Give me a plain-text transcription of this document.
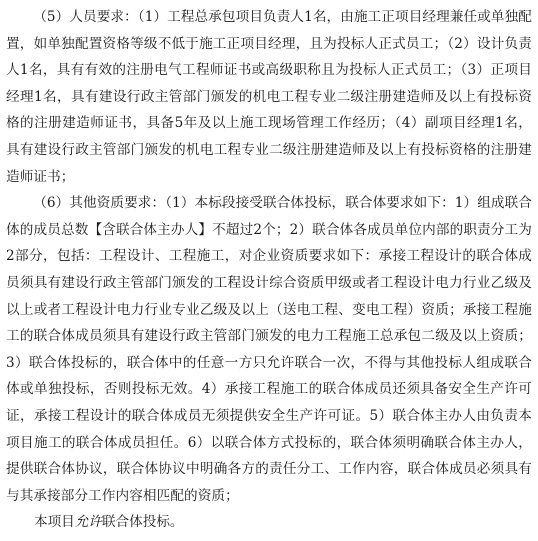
（5）人员要求：（1）工程总承包项目负责人1名，由施工正项目经理兼任或单独配置，如单独配置资格等级不低于施工正项目经理，且为投标人正式员工；（2）设计负责人1名，具有有效的注册电气工程师证书或高级职称且为投标人正式员工；（3）正项目经理1名，具有建设行政主管部门颁发的机电工程专业二级注册建造师及以上有投标资格的注册建造师证书，具备5年及以上施工现场管理工作经历；（4）副项目经理1名，具有建设行政主管部门颁发的机电工程专业二级注册建造师及以上有投标资格的注册建造师证书；

（6）其他资质要求：（1）本标段接受联合体投标，联合体要求如下：1）组成联合体的成员总数【含联合体主办人】不超过2个；2）联合体各成员单位内部的职责分工为2部分，包括：工程设计、工程施工，对企业资质要求如下：承接工程设计的联合体成员须具有建设行政主管部门颁发的工程设计综合资质甲级或者工程设计电力行业乙级及以上或者工程设计电力行业专业乙级及以上（送电工程、变电工程）资质；承接工程施工的联合体成员须具有建设行政主管部门颁发的电力工程施工总承包二级及以上资质；3）联合体投标的，联合体中的任意一方只允许联合一次，不得与其他投标人组成联合体或单独投标，否则投标无效。4）承接工程施工的联合体成员还须具备安全生产许可证，承接工程设计的联合体成员无须提供安全生产许可证。5）联合体主办人由负责本项目施工的联合体成员担任。6）以联合体方式投标的，联合体须明确联合体主办人，提供联合体协议，联合体协议中明确各方的责任分工、工作内容，联合体成员必须具有与其承接部分工作内容相匹配的资质；

本项目允许联合体投标。
